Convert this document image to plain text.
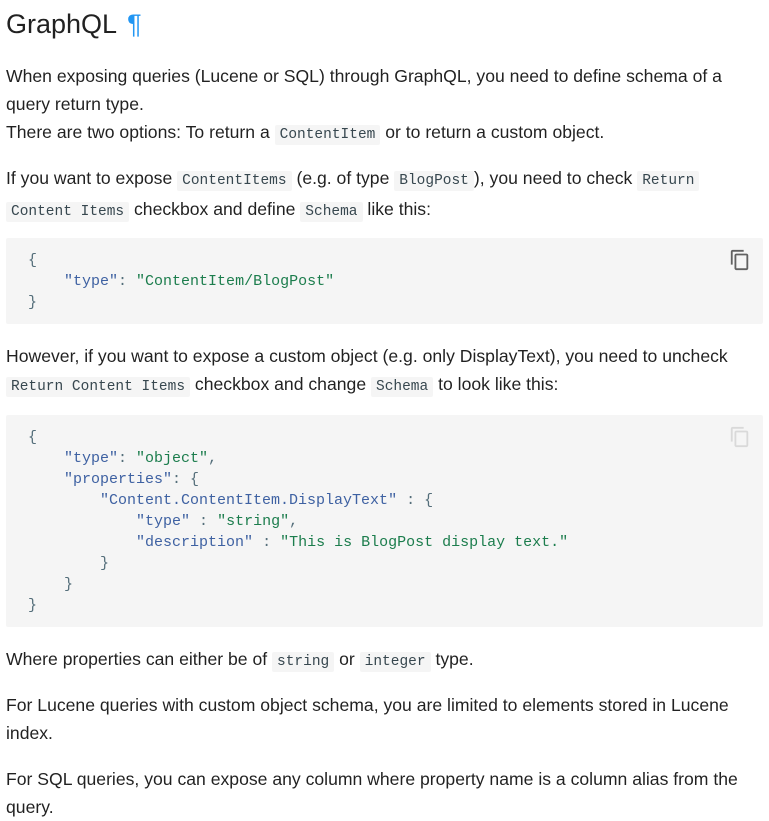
GraphQL ¶

When exposing queries (Lucene or SQL) through GraphQL, you need to define schema of a query return type.
There are two options: To return a ContentItem or to return a custom object.

If you want to expose ContentItems (e.g. of type BlogPost ), you need to check Return
Content Items checkbox and define Schema like this:

{
"type": "ContentItem/BlogPost"
}

However, if you want to expose a custom object (e.g. only DisplayText), you need to uncheck
Return Content Items checkbox and change Schema to look like this:

{
"type": "object",
"properties": {
"Content.ContentItem.DisplayText" : {
"type" : "string",
"description" : "This is BlogPost display text."
}
}
}

Where properties can either be of string or integer type.

For Lucene queries with custom object schema, you are limited to elements stored in Lucene index.

For SQL queries, you can expose any column where property name is a column alias from the query.
